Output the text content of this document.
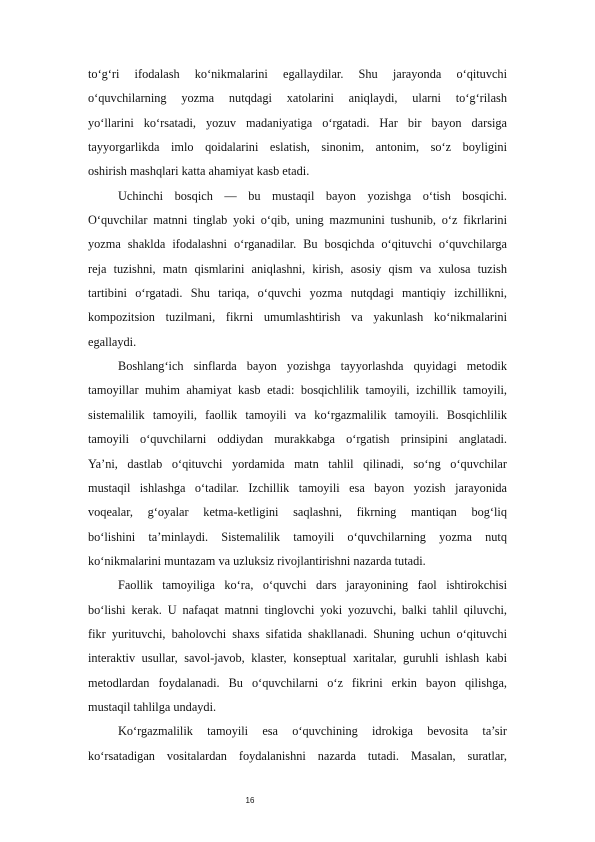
to‘g‘ri ifodalash ko‘nikmalarini egallaydilar. Shu jarayonda o‘qituvchi
o‘quvchilarning yozma nutqdagi xatolarini aniqlaydi, ularni to‘g‘rilash
yo‘llarini ko‘rsatadi, yozuv madaniyatiga o‘rgatadi. Har bir bayon darsiga
tayyorgarlikda imlo qoidalarini eslatish, sinonim, antonim, so‘z boyligini
oshirish mashqlari katta ahamiyat kasb etadi.
Uchinchi bosqich — bu mustaqil bayon yozishga o‘tish bosqichi.
O‘quvchilar matnni tinglab yoki o‘qib, uning mazmunini tushunib, o‘z fikrlarini
yozma shaklda ifodalashni o‘rganadilar. Bu bosqichda o‘qituvchi o‘quvchilarga
reja tuzishni, matn qismlarini aniqlashni, kirish, asosiy qism va xulosa tuzish
tartibini o‘rgatadi. Shu tariqa, o‘quvchi yozma nutqdagi mantiqiy izchillikni,
kompozitsion tuzilmani, fikrni umumlashtirish va yakunlash ko‘nikmalarini
egallaydi.
Boshlang‘ich sinflarda bayon yozishga tayyorlashda quyidagi metodik
tamoyillar muhim ahamiyat kasb etadi: bosqichlilik tamoyili, izchillik tamoyili,
sistemalilik tamoyili, faollik tamoyili va ko‘rgazmalilik tamoyili. Bosqichlilik
tamoyili o‘quvchilarni oddiydan murakkabga o‘rgatish prinsipini anglatadi.
Ya’ni, dastlab o‘qituvchi yordamida matn tahlil qilinadi, so‘ng o‘quvchilar
mustaqil ishlashga o‘tadilar. Izchillik tamoyili esa bayon yozish jarayonida
voqealar, g‘oyalar ketma-ketligini saqlashni, fikrning mantiqan bog‘liq
bo‘lishini ta’minlaydi. Sistemalilik tamoyili o‘quvchilarning yozma nutq
ko‘nikmalarini muntazam va uzluksiz rivojlantirishni nazarda tutadi.
Faollik tamoyiliga ko‘ra, o‘quvchi dars jarayonining faol ishtirokchisi
bo‘lishi kerak. U nafaqat matnni tinglovchi yoki yozuvchi, balki tahlil qiluvchi,
fikr yurituvchi, baholovchi shaxs sifatida shakllanadi. Shuning uchun o‘qituvchi
interaktiv usullar, savol-javob, klaster, konseptual xaritalar, guruhli ishlash kabi
metodlardan foydalanadi. Bu o‘quvchilarni o‘z fikrini erkin bayon qilishga,
mustaqil tahlilga undaydi.
Ko‘rgazmalilik tamoyili esa o‘quvchining idrokiga bevosita ta’sir
ko‘rsatadigan vositalardan foydalanishni nazarda tutadi. Masalan, suratlar,
16
